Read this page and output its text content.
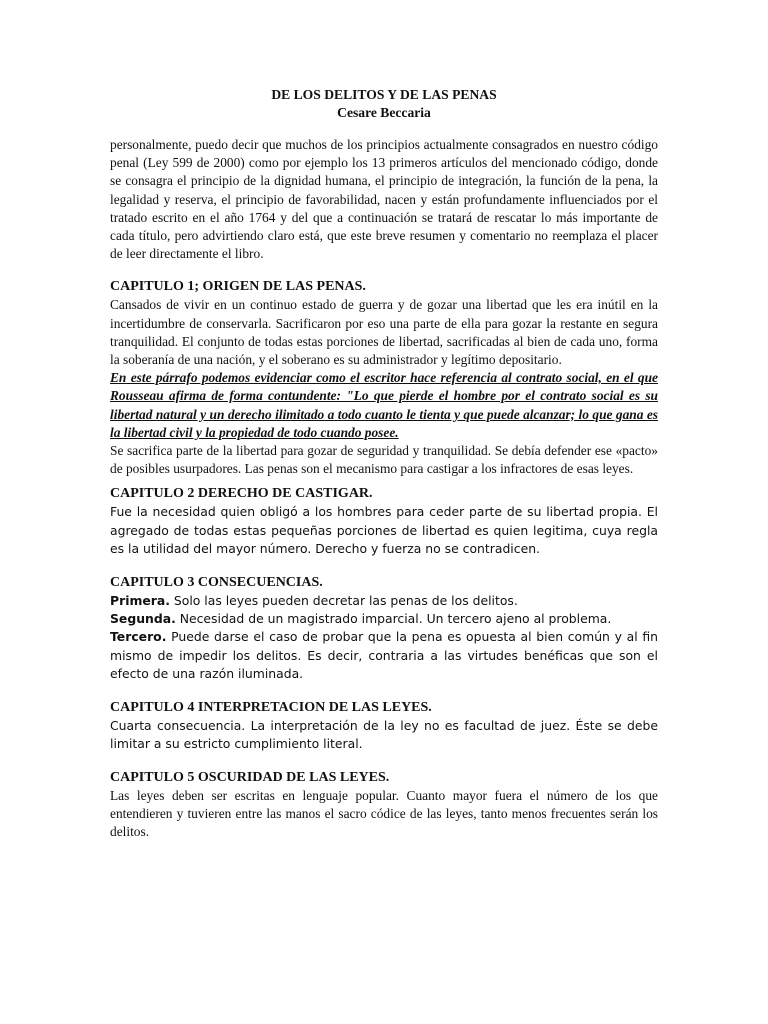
DE LOS DELITOS Y DE LAS PENAS
Cesare Beccaria

personalmente, puedo decir que muchos de los principios actualmente consagrados en nuestro código penal (Ley 599 de 2000) como por ejemplo los 13 primeros artículos del mencionado código, donde se consagra el principio de la dignidad humana, el principio de integración, la función de la pena, la legalidad y reserva, el principio de favorabilidad, nacen y están profundamente influenciados por el tratado escrito en el año 1764 y del que a continuación se tratará de rescatar lo más importante de cada título, pero advirtiendo claro está, que este breve resumen y comentario no reemplaza el placer de leer directamente el libro.

CAPITULO 1; ORIGEN DE LAS PENAS.

Cansados de vivir en un continuo estado de guerra y de gozar una libertad que les era inútil en la incertidumbre de conservarla. Sacrificaron por eso una parte de ella para gozar la restante en segura tranquilidad. El conjunto de todas estas porciones de libertad, sacrificadas al bien de cada uno, forma la soberanía de una nación, y el soberano es su administrador y legítimo depositario.

En este párrafo podemos evidenciar como el escritor hace referencia al contrato social, en el que Rousseau afirma de forma contundente: "Lo que pierde el hombre por el contrato social es su libertad natural y un derecho ilimitado a todo cuanto le tienta y que puede alcanzar; lo que gana es la libertad civil y la propiedad de todo cuando posee.

Se sacrifica parte de la libertad para gozar de seguridad y tranquilidad. Se debía defender ese «pacto» de posibles usurpadores. Las penas son el mecanismo para castigar a los infractores de esas leyes.

CAPITULO 2 DERECHO DE CASTIGAR.

Fue la necesidad quien obligó a los hombres para ceder parte de su libertad propia. El agregado de todas estas pequeñas porciones de libertad es quien legitima, cuya regla es la utilidad del mayor número. Derecho y fuerza no se contradicen.

CAPITULO 3 CONSECUENCIAS.

Primera. Solo las leyes pueden decretar las penas de los delitos.

Segunda. Necesidad de un magistrado imparcial. Un tercero ajeno al problema.

Tercero. Puede darse el caso de probar que la pena es opuesta al bien común y al fin mismo de impedir los delitos. Es decir, contraria a las virtudes benéficas que son el efecto de una razón iluminada.

CAPITULO 4 INTERPRETACION DE LAS LEYES.

Cuarta consecuencia. La interpretación de la ley no es facultad de juez. Éste se debe limitar a su estricto cumplimiento literal.

CAPITULO 5 OSCURIDAD DE LAS LEYES.

Las leyes deben ser escritas en lenguaje popular. Cuanto mayor fuera el número de los que entendieren y tuvieren entre las manos el sacro códice de las leyes, tanto menos frecuentes serán los delitos.
